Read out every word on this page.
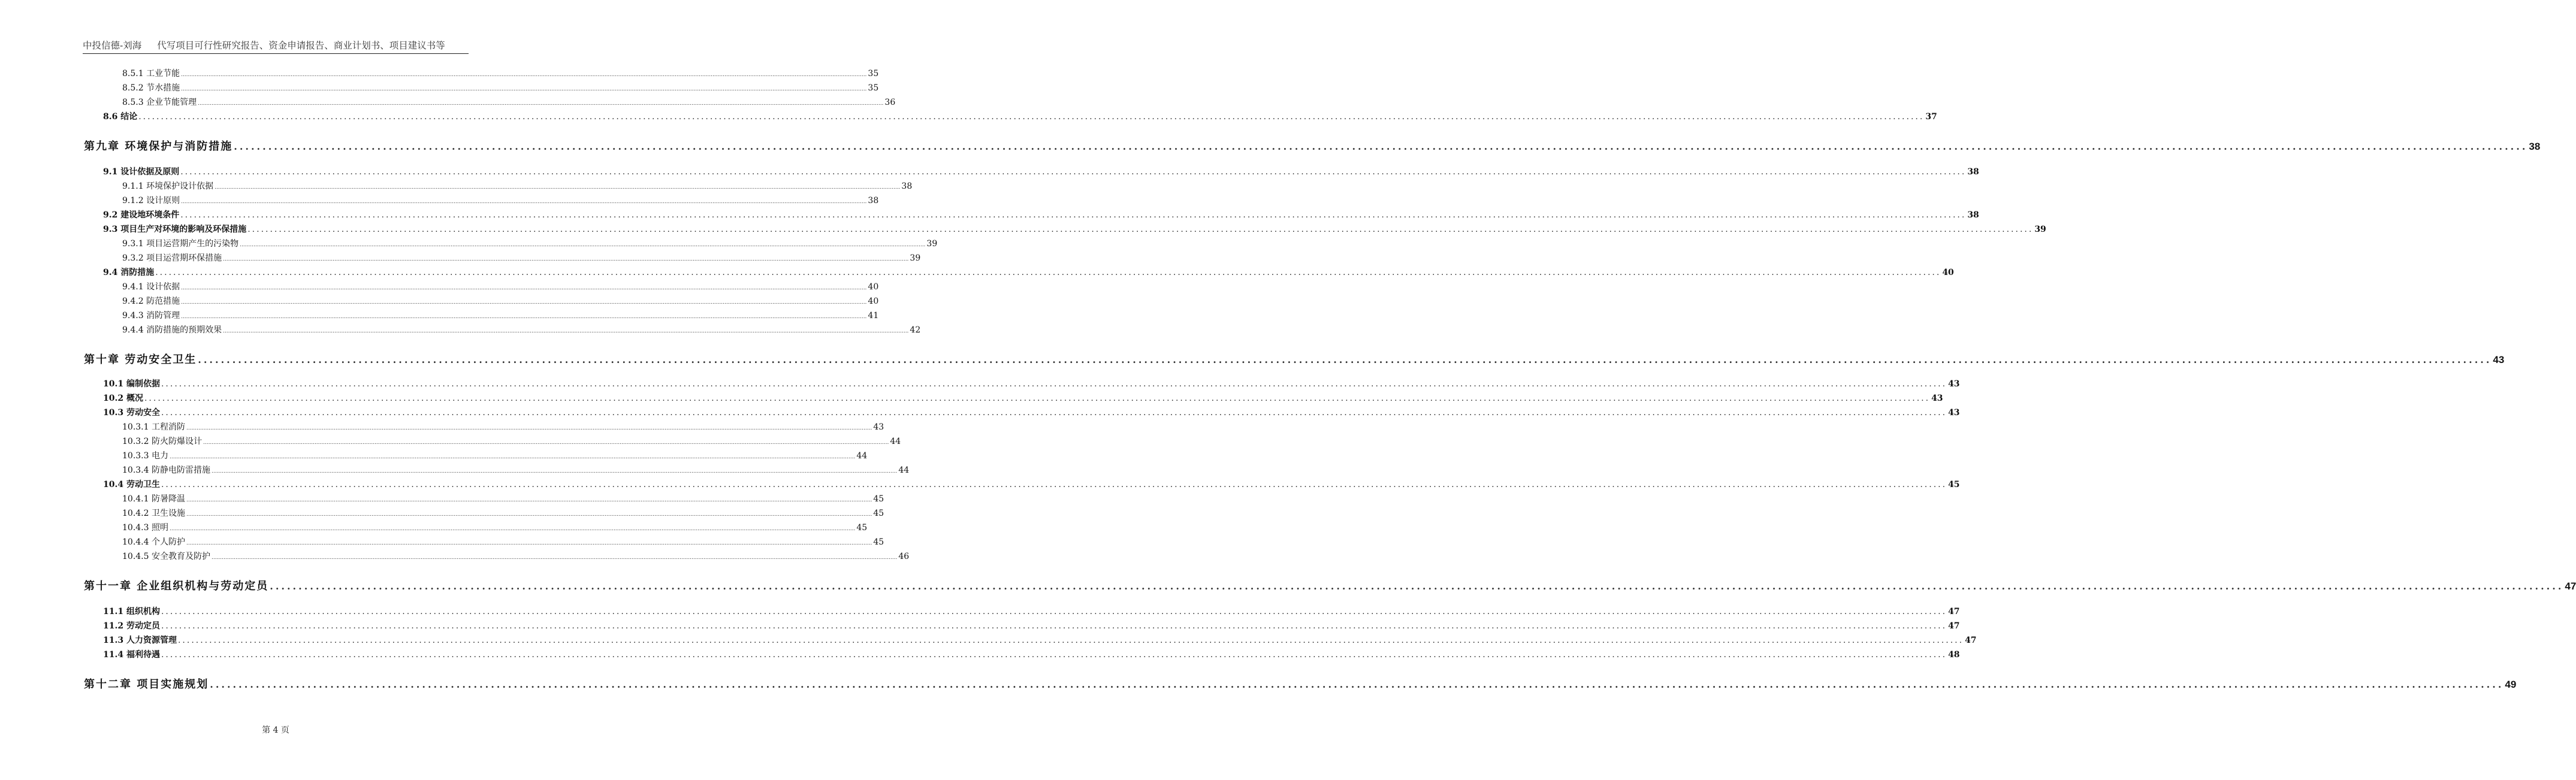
中投信德-刘海 代写项目可行性研究报告、资金申请报告、商业计划书、项目建议书等
8.5.1 工业节能 ................................................................................................................................................................................................................................................................................................................................................................................................................ 35
8.5.2 节水措施 ................................................................................................................................................................................................................................................................................................................................................................................................................ 35
8.5.3 企业节能管理 ................................................................................................................................................................................................................................................................................................................................................................................................................ 36
8.6 结论 ................................................................................................................................................................................................................................................................................................................................................................................................................ 37
第九章 环境保护与消防措施 ................................................................................................................................................................................................................................................................................................................................................................................................................ 38
9.1 设计依据及原则 ................................................................................................................................................................................................................................................................................................................................................................................................................ 38
9.1.1 环境保护设计依据 ................................................................................................................................................................................................................................................................................................................................................................................................................ 38
9.1.2 设计原则 ................................................................................................................................................................................................................................................................................................................................................................................................................ 38
9.2 建设地环境条件 ................................................................................................................................................................................................................................................................................................................................................................................................................ 38
9.3 项目生产对环境的影响及环保措施 ................................................................................................................................................................................................................................................................................................................................................................................................................ 39
9.3.1 项目运营期产生的污染物 ................................................................................................................................................................................................................................................................................................................................................................................................................ 39
9.3.2 项目运营期环保措施 ................................................................................................................................................................................................................................................................................................................................................................................................................ 39
9.4 消防措施 ................................................................................................................................................................................................................................................................................................................................................................................................................ 40
9.4.1 设计依据 ................................................................................................................................................................................................................................................................................................................................................................................................................ 40
9.4.2 防范措施 ................................................................................................................................................................................................................................................................................................................................................................................................................ 40
9.4.3 消防管理 ................................................................................................................................................................................................................................................................................................................................................................................................................ 41
9.4.4 消防措施的预期效果 ................................................................................................................................................................................................................................................................................................................................................................................................................ 42
第十章 劳动安全卫生 ................................................................................................................................................................................................................................................................................................................................................................................................................ 43
10.1 编制依据 ................................................................................................................................................................................................................................................................................................................................................................................................................ 43
10.2 概况 ................................................................................................................................................................................................................................................................................................................................................................................................................ 43
10.3 劳动安全 ................................................................................................................................................................................................................................................................................................................................................................................................................ 43
10.3.1 工程消防 ................................................................................................................................................................................................................................................................................................................................................................................................................ 43
10.3.2 防火防爆设计 ................................................................................................................................................................................................................................................................................................................................................................................................................ 44
10.3.3 电力 ................................................................................................................................................................................................................................................................................................................................................................................................................ 44
10.3.4 防静电防雷措施 ................................................................................................................................................................................................................................................................................................................................................................................................................ 44
10.4 劳动卫生 ................................................................................................................................................................................................................................................................................................................................................................................................................ 45
10.4.1 防暑降温 ................................................................................................................................................................................................................................................................................................................................................................................................................ 45
10.4.2 卫生设施 ................................................................................................................................................................................................................................................................................................................................................................................................................ 45
10.4.3 照明 ................................................................................................................................................................................................................................................................................................................................................................................................................ 45
10.4.4 个人防护 ................................................................................................................................................................................................................................................................................................................................................................................................................ 45
10.4.5 安全教育及防护 ................................................................................................................................................................................................................................................................................................................................................................................................................ 46
第十一章 企业组织机构与劳动定员 ................................................................................................................................................................................................................................................................................................................................................................................................................ 47
11.1 组织机构 ................................................................................................................................................................................................................................................................................................................................................................................................................ 47
11.2 劳动定员 ................................................................................................................................................................................................................................................................................................................................................................................................................ 47
11.3 人力资源管理 ................................................................................................................................................................................................................................................................................................................................................................................................................ 47
11.4 福利待遇 ................................................................................................................................................................................................................................................................................................................................................................................................................ 48
第十二章 项目实施规划 ................................................................................................................................................................................................................................................................................................................................................................................................................ 49
第 4 页
